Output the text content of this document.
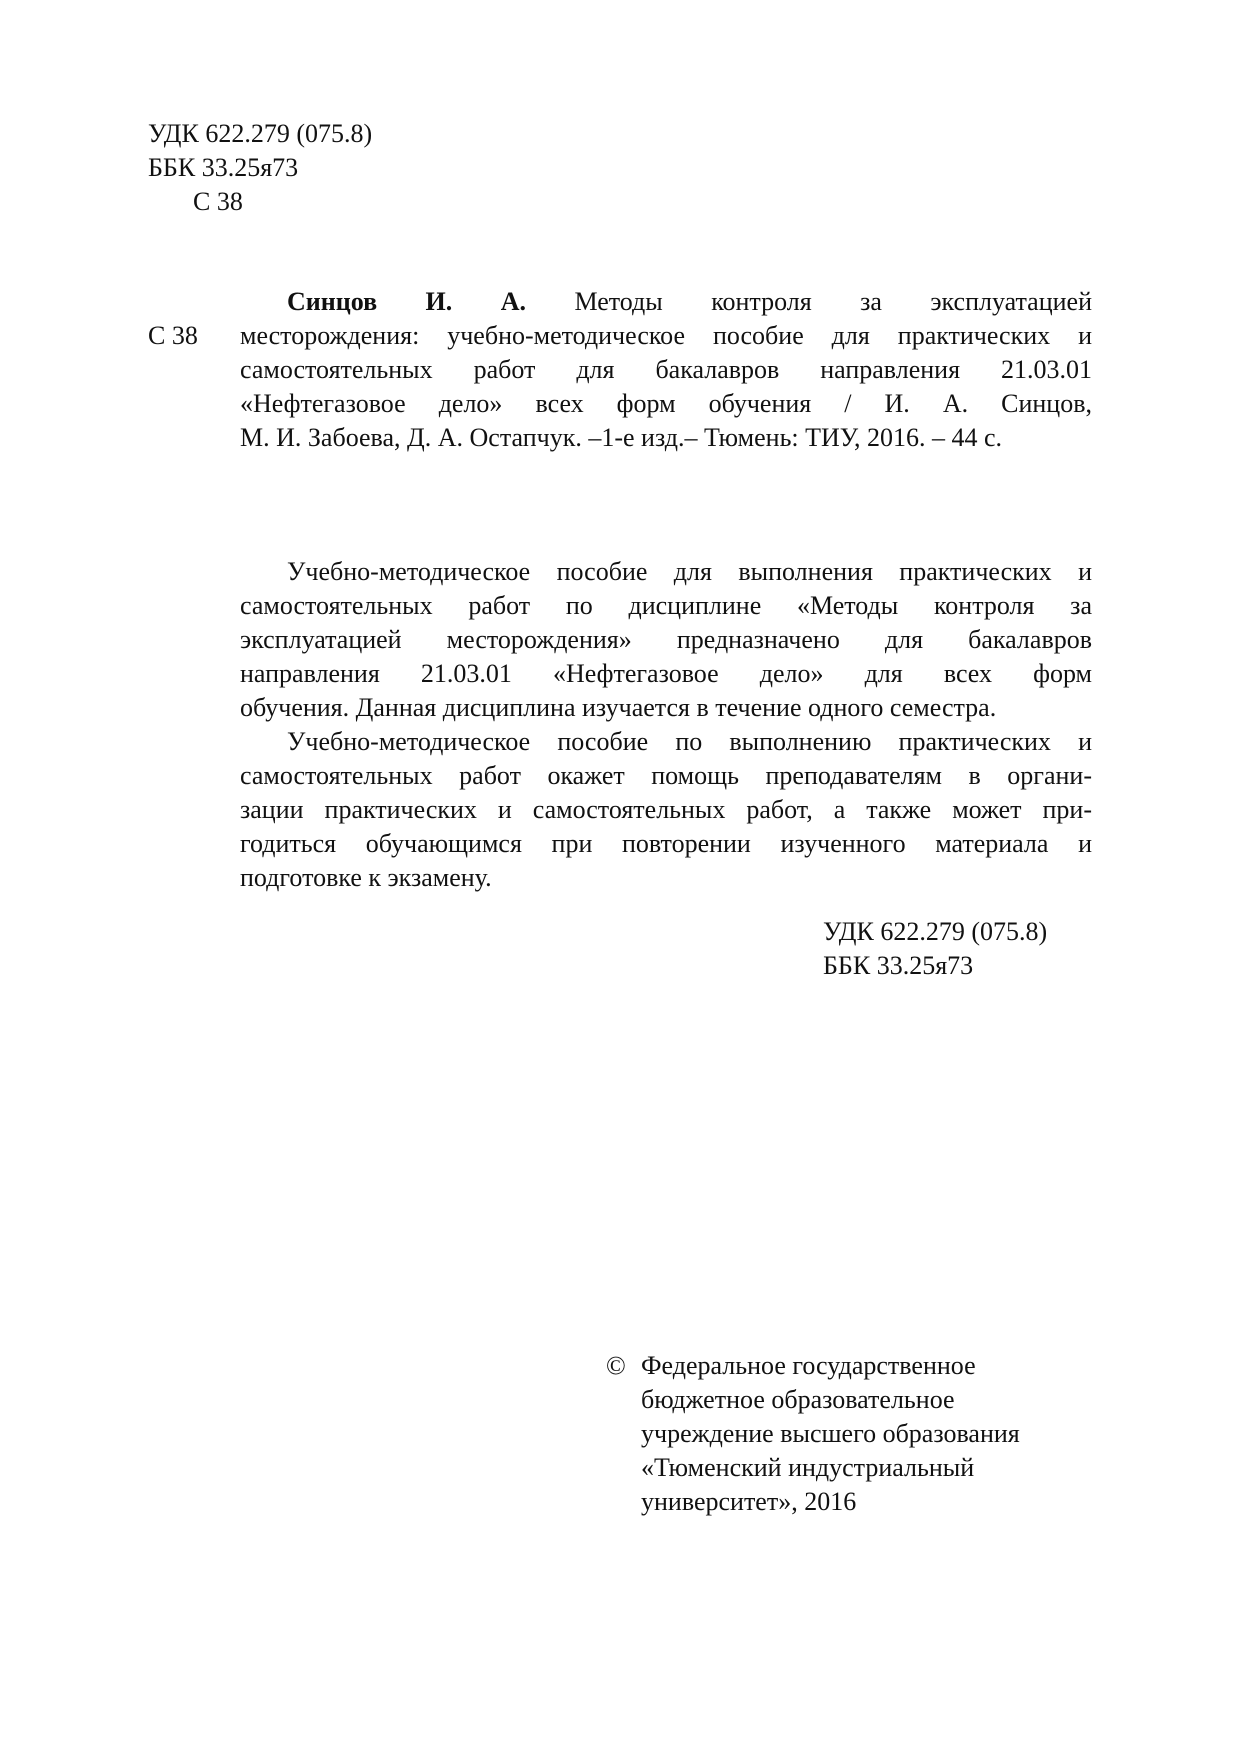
УДК 622.279 (075.8)
ББК 33.25я73
С 38
С 38
Синцов И. А. Методы контроля за эксплуатацией
месторождения: учебно-методическое пособие для практических и
самостоятельных работ для бакалавров направления 21.03.01
«Нефтегазовое дело» всех форм обучения / И. А. Синцов,
М. И. Забоева, Д. А. Остапчук. –1-е изд.– Тюмень: ТИУ, 2016. – 44 с.
Учебно-методическое пособие для выполнения практических и
самостоятельных работ по дисциплине «Методы контроля за
эксплуатацией месторождения» предназначено для бакалавров
направления 21.03.01 «Нефтегазовое дело» для всех форм
обучения. Данная дисциплина изучается в течение одного семестра.
Учебно-методическое пособие по выполнению практических и
самостоятельных работ окажет помощь преподавателям в органи-
зации практических и самостоятельных работ, а также может при-
годиться обучающимся при повторении изученного материала и
подготовке к экзамену.
УДК 622.279 (075.8)
ББК 33.25я73
© Федеральное государственное
бюджетное образовательное
учреждение высшего образования
«Тюменский индустриальный
университет», 2016
